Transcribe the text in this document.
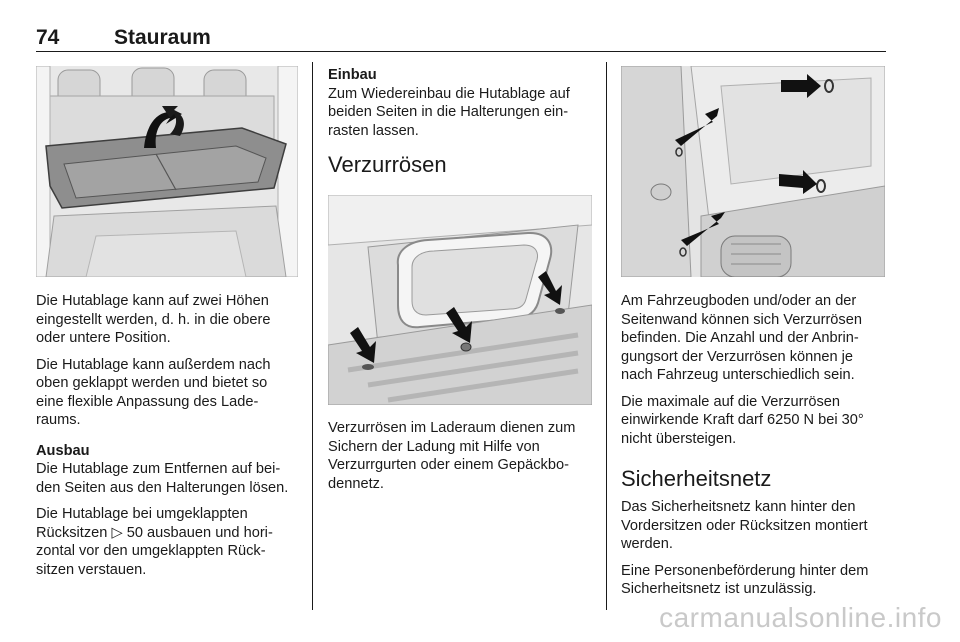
74	Stauraum

Die Hutablage kann auf zwei Höhen eingestellt werden, d. h. in die obere oder untere Position.

Die Hutablage kann außerdem nach oben geklappt werden und bietet so eine flexible Anpassung des Laderaums.

Ausbau

Die Hutablage zum Entfernen auf beiden Seiten aus den Halterungen lösen.

Die Hutablage bei umgeklappten Rücksitzen ▷ 50 ausbauen und horizontal vor den umgeklappten Rücksitzen verstauen.

Einbau

Zum Wiedereinbau die Hutablage auf beiden Seiten in die Halterungen einrasten lassen.

Verzurrösen

Verzurrösen im Laderaum dienen zum Sichern der Ladung mit Hilfe von Verzurrgurten oder einem Gepäckbodennetz.

Am Fahrzeugboden und/oder an der Seitenwand können sich Verzurrösen befinden. Die Anzahl und der Anbringungsort der Verzurrösen können je nach Fahrzeug unterschiedlich sein.

Die maximale auf die Verzurrösen einwirkende Kraft darf 6250 N bei 30° nicht übersteigen.

Sicherheitsnetz

Das Sicherheitsnetz kann hinter den Vordersitzen oder Rücksitzen montiert werden.

Eine Personenbeförderung hinter dem Sicherheitsnetz ist unzulässig.

carmanualsonline.info
